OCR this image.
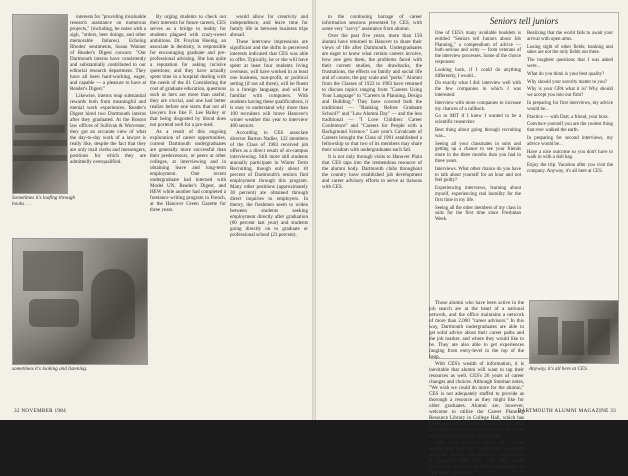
interests for "providing invaluable research assistance on numerous projects," (including, he notes with a sigh, "orders, beer doings, and other memorable failures). Echoing Rhodes' sentiments, Susan Wanner of Reader's Digest concurs: "Our Dartmouth interns have consistently and substantially contributed to our editorial research department. They have all been hard-working, eager, and capable — a pleasure to have at Reader's Digest."

Likewise, interns reap substantial rewards both from meaningful and menial work experiences. Reader's Digest hired two Dartmouth interns after they graduated. At the Boston law offices of Sullivan & Worcester, they got an accurate view of what the day-to-day work of a lawyer is really like, despite the fact that they are only mail clerks and messengers, positions for which they are admittedly overqualified.

Sometimes it's loafing through books . . .
sometimes it's looking and listening.

By urging students to check out their interests for future careers, CES serves as a bridge to reality for students plagued with crazy-sweet ambitions. Dr. Froylan Hoenig, an associate in dentistry, is responsible for encouraging graduate and pre-professional advising. She has quite a reputation for asking incisive questions; and they have actually spent time in a hospital dealing with the needs of the ill. Considering the cost of graduate education, questions such as hers are more than useful; they are crucial, and one had better realize before one starts that not all lawyers live like F. Lee Bailey or that being disgusted by blood does not portend well for a pre-med.

As a result of this ongoing exploration of career opportunities, current Dartmouth undergraduates are generally more successful than their predecessors, or peers at other colleges, at interviewing and in obtaining leave and long-term employment. One recent undergraduate had interned with Model UN, Reader's Digest, and HEW while another had completed a freelance writing program in French, at the Hanover Green Gazette for three years.

would allow for creativity and independence, and leave time for family life in between business trips abroad.

These interview impressions are significant and the shifts in perceived interests indicated that CES was able to offer. Typically, he or she will have spent at least four students living overseas, will have worked in at least one business, non-profit, or political setting (if not all three), will be fluent in a foreign language, and will be familiar with computers. With students having these qualifications, it is easy to understand why more than 100 recruiters will brave Hanover's winter weather this year to interview 400 seniors.

According to CES associate director Burton Nadler, 122 members of the Class of 1983 received job offers as a direct result of on-campus interviewing. Still more still students annually participate in Winter Term Recruiting, though only about 10 percent of Dartmouth's seniors find employment through this program. Many other positions (approximately 30 percent) are obtained through direct inquiries to employers. In theory, the freshmen seem to widen between students seeking employment directly after graduation (60 percent last year) and students going directly on to graduate or professional school (23 percent).

32 NOVEMBER 1984

to the continuing barrage of career information sessions presented by CES, with some very "savvy" assistance from alumni.

Over the past five years, more than 150 alumni have returned to Hanover to share their views of life after Dartmouth. Undergraduates are eager to know what certain careers involve, how one gets them, the problems faced with their current studies, the drawbacks, the frustrations, the effects on family and social life and of course, the pay scale and "perks." Alumni from the Classes of 1922 to 1983 have returned to discuss topics ranging from "Careers Using Your Language" to "Careers in Planning, Design and Building." They have covered both the traditional — "Banking Before Graduate School?" and "Law Alumni Day" — and the less traditional — "I Love Children: Career Conference" and "Careers for People with a Background Science." Last year's Cavalcade of Careers brought the Class of 1961 established a fellowship so that two of its members may share their wisdom with undergraduates each fall.

It is not only through visits to Hanover Plain that CES taps into the tremendous resource of the alumni body. Dartmouth clubs throughout the country have established job development and career advisory efforts to serve as liaisons with CES.

Seniors tell juniors

One of CES's many available booklets is entitled "Seniors tell Juniors about Job Planning," a compendium of advice — both serious and witty — from veterans of the interview processes. Some of the choice responses:

Looking back, if I could do anything differently, I would...

Do exactly what I did: interview well with the few companies in which I was interested.

Interview with more companies to increase my chances of a callback.

Go to MIT if I knew I wanted to be a scientific researcher.

Best thing about going through recruiting was...

Seeing all your classmates in suits and getting up a chance to see your friends more in the three months than you had in three years.

Interviews. What other chance do you have to talk about yourself for an hour and not feel guilty?

Experiencing interviews, learning about myself, experiencing real humility for the first time in my life.

Seeing all the other members of my class in suits for the first time since Freshman Week.

Realizing that the world fails to await your arrival with open arms.

Losing sight of other fields; banking and sales are not the only fields out there.

The toughest questions that I was asked were...

What do you think is your best quality?

Why should your sorority matter to you?

Why is your GPA what it is? Why should we accept you into our firm?

In preparing for first interviews, my advice would be...

Practice — with Dart, a friend, your boss.

Convince yourself you are the coolest thing that ever walked the earth.

In preparing for second interviews, my advice would be...

Have a nice outcome so you don't have to walk in with a dull bag.

Enjoy the trip. Vacation after you visit the company. Anyway, it's all here at CES.

Those alumni who have been active in the job search are at the heart of a national network, and the office maintains a network of more than 2,000 "career advisors." In this way, Dartmouth undergraduates are able to get solid advice about their career paths and the job market, and where they would like to be. They are also able to get experiences ranging from entry-level to the top of the heap.

With CES's wealth of information, it is inevitable that alumni will want to tap their resources as well. CES's 26 years of career changes and choices. Although Stutman notes, "We wish we could do more for the alumni," CES is not adequately staffed to provide as thorough a resource as they might like for older graduates. Alumni are, however, welcome to utilize the Career Planning Resource Library in College Hall, which has videotapes of past programs. CES and local job officers can also provide names of career advisors who might be able to help.

With the growing push for career satisfaction and the continuing questions about the validity of a liberal arts education, it is apparent that CES will help future Dartmouth students to know themselves to find meaningful work.

Anyway, it's all here at CES.
DARTMOUTH ALUMNI MAGAZINE 33
